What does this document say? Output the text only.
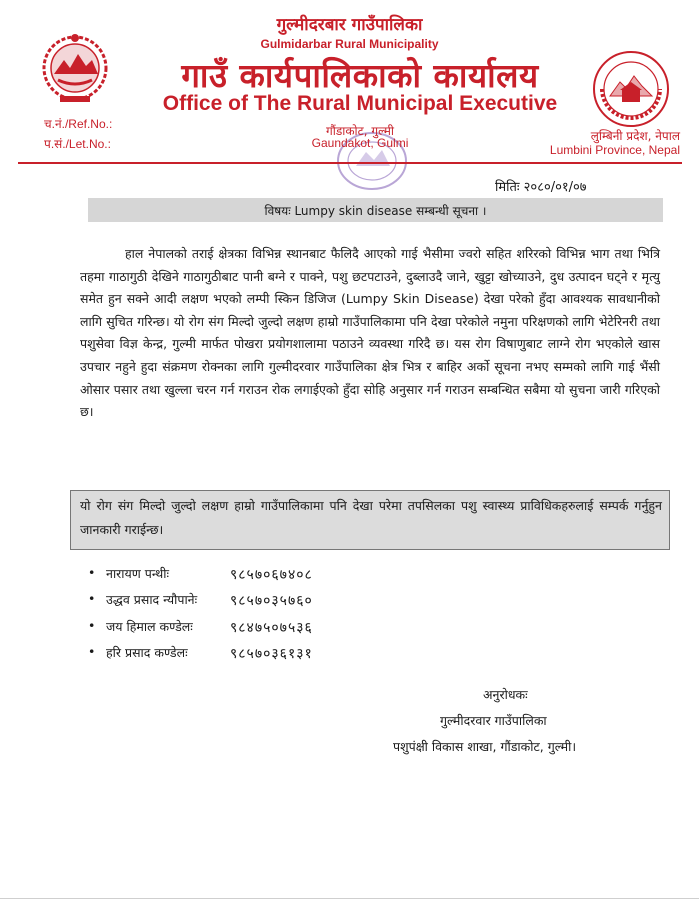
गुल्मीदरबार गाउँपालिका
Gulmidarbar Rural Municipality
गाउँ कार्यपालिकाको कार्यालय
Office of The Rural Municipal Executive
गौंडाकोट, गुल्मी
Gaundakot, Gulmi
च.नं./Ref.No.:
प.सं./Let.No.:
लुम्बिनी प्रदेश, नेपाल
Lumbini Province, Nepal
मितिः २०८०/०१/०७
विषयः Lumpy skin disease सम्बन्धी सूचना ।
हाल नेपालको तराई क्षेत्रका विभिन्न स्थानबाट फैलिदै आएको गाई भैसीमा ज्वरो सहित शरिरको विभिन्न भाग तथा भित्रि तहमा गाठागुठी देखिने गाठागुठीबाट पानी बग्ने र पाक्ने, पशु छटपटाउने, दुब्लाउदै जाने, खुट्टा खोच्याउने, दुध उत्पादन घट्ने र मृत्यु समेत हुन सक्ने आदी लक्षण भएको लम्पी स्किन डिजिज (Lumpy Skin Disease) देखा परेको हुँदा आवश्यक सावधानीको लागि सुचित गरिन्छ। यो रोग संग मिल्दो जुल्दो लक्षण हाम्रो गाउँपालिकामा पनि देखा परेकोले नमुना परिक्षणको लागि भेटेरिनरी तथा पशुसेवा विज्ञ केन्द्र, गुल्मी मार्फत पोखरा प्रयोगशालामा पठाउने व्यवस्था गरिदै छ। यस रोग विषाणुबाट लाग्ने रोग भएकोले खास उपचार नहुने हुदा संक्रमण रोक्नका लागि गुल्मीदरवार गाउँपालिका क्षेत्र भित्र र बाहिर अर्को सूचना नभए सम्मको लागि गाई भैंसी ओसार पसार तथा खुल्ला चरन गर्न गराउन रोक लगाईएको हुँदा सोहि अनुसार गर्न गराउन सम्बन्धित सबैमा यो सुचना जारी गरिएको छ।
यो रोग संग मिल्दो जुल्दो लक्षण हाम्रो गाउँपालिकामा पनि देखा परेमा तपसिलका पशु स्वास्थ्य प्राविधिकहरुलाई सम्पर्क गर्नुहुन जानकारी गराईन्छ।
• नारायण पन्थीः	९८५७०६७४०८
• उद्धव प्रसाद न्यौपानेः ९८५७०३५७६०
• जय हिमाल कण्डेलः	९८४७५०७५३६
• हरि प्रसाद कण्डेलः	९८५७०३६१३१
अनुरोधकः
गुल्मीदरवार गाउँपालिका
पशुपंक्षी विकास शाखा, गौंडाकोट, गुल्मी।
